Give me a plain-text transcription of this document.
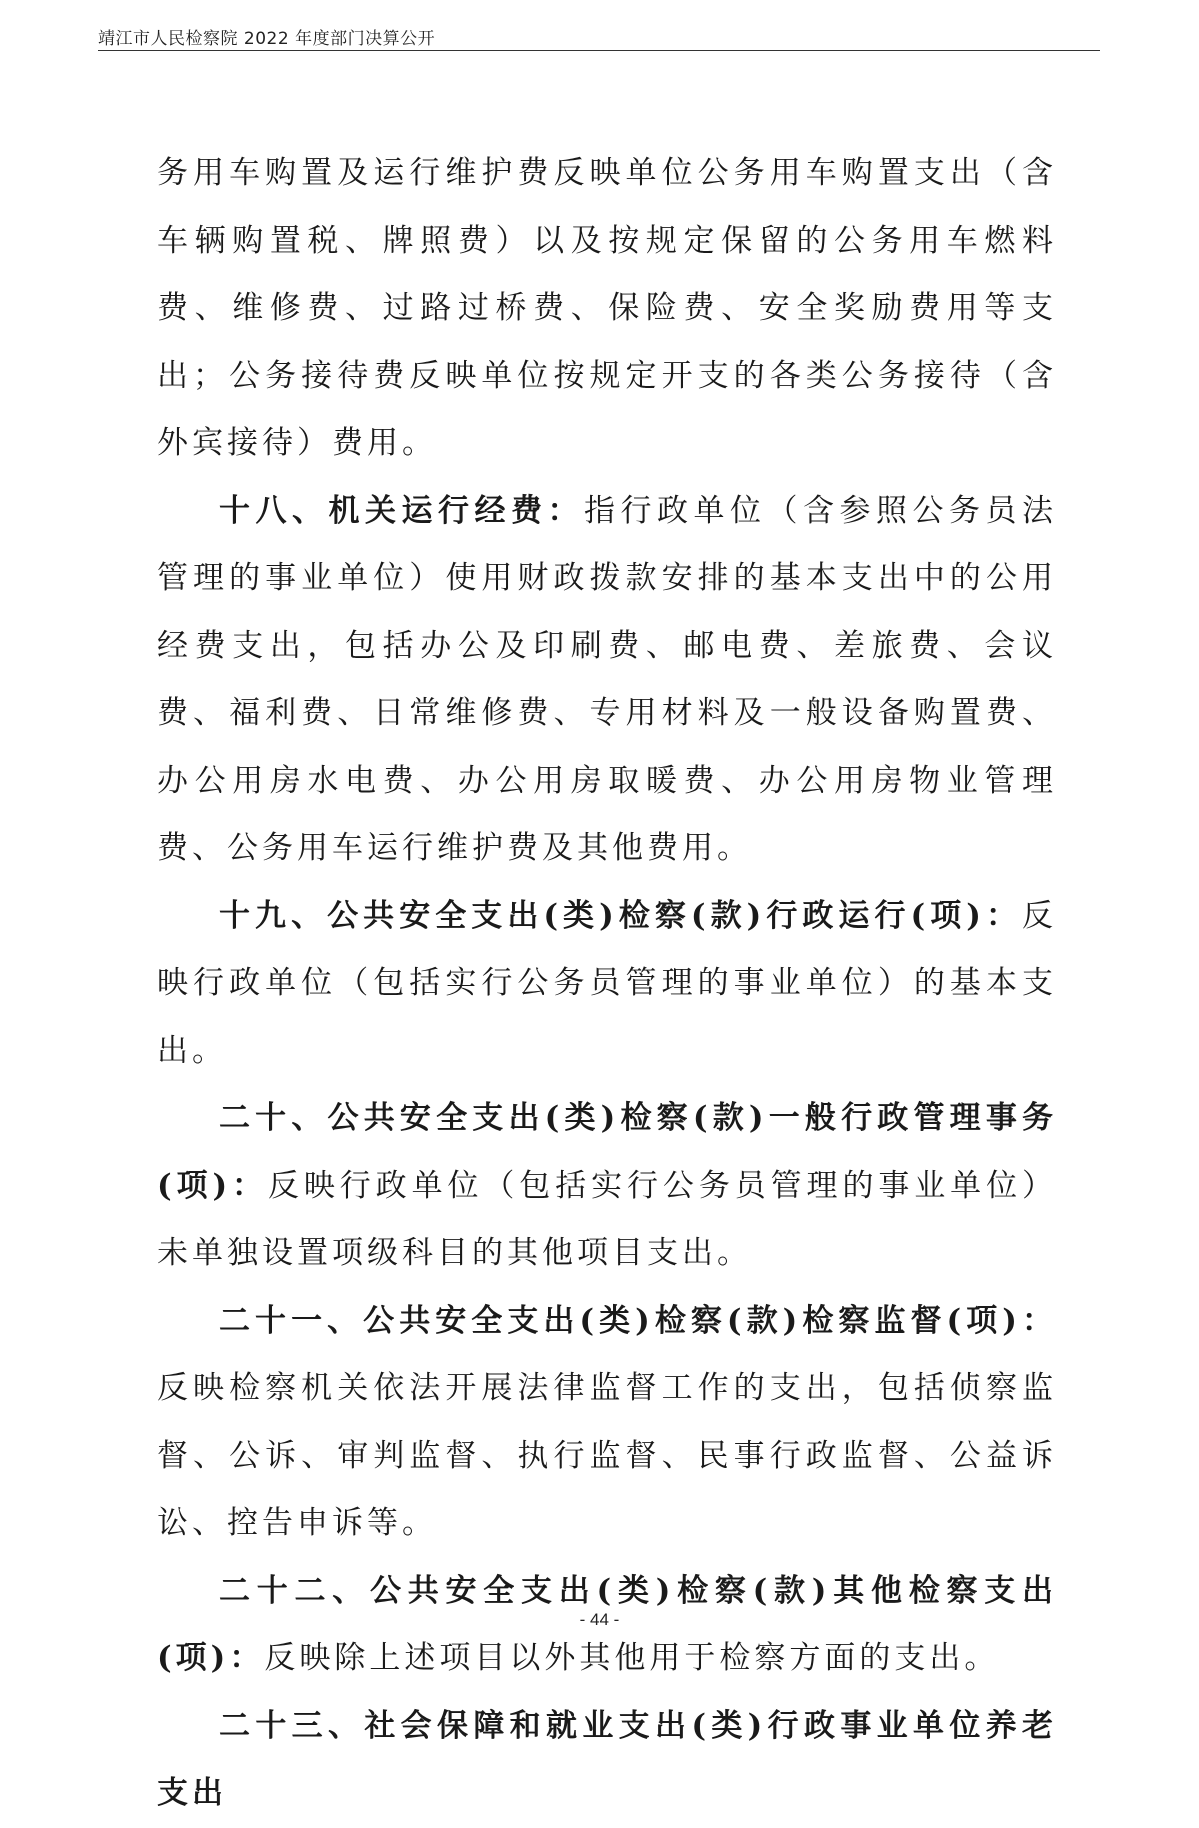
靖江市人民检察院 2022 年度部门决算公开

务用车购置及运行维护费反映单位公务用车购置支出（含车辆购置税、牌照费）以及按规定保留的公务用车燃料费、维修费、过路过桥费、保险费、安全奖励费用等支出；公务接待费反映单位按规定开支的各类公务接待（含外宾接待）费用。

十八、机关运行经费：指行政单位（含参照公务员法管理的事业单位）使用财政拨款安排的基本支出中的公用经费支出，包括办公及印刷费、邮电费、差旅费、会议费、福利费、日常维修费、专用材料及一般设备购置费、办公用房水电费、办公用房取暖费、办公用房物业管理费、公务用车运行维护费及其他费用。

十九、公共安全支出(类)检察(款)行政运行(项)：反映行政单位（包括实行公务员管理的事业单位）的基本支出。

二十、公共安全支出(类)检察(款)一般行政管理事务(项)：反映行政单位（包括实行公务员管理的事业单位）未单独设置项级科目的其他项目支出。

二十一、公共安全支出(类)检察(款)检察监督(项)：反映检察机关依法开展法律监督工作的支出，包括侦察监督、公诉、审判监督、执行监督、民事行政监督、公益诉讼、控告申诉等。

二十二、公共安全支出(类)检察(款)其他检察支出(项)：反映除上述项目以外其他用于检察方面的支出。

二十三、社会保障和就业支出(类)行政事业单位养老支出

- 44 -
